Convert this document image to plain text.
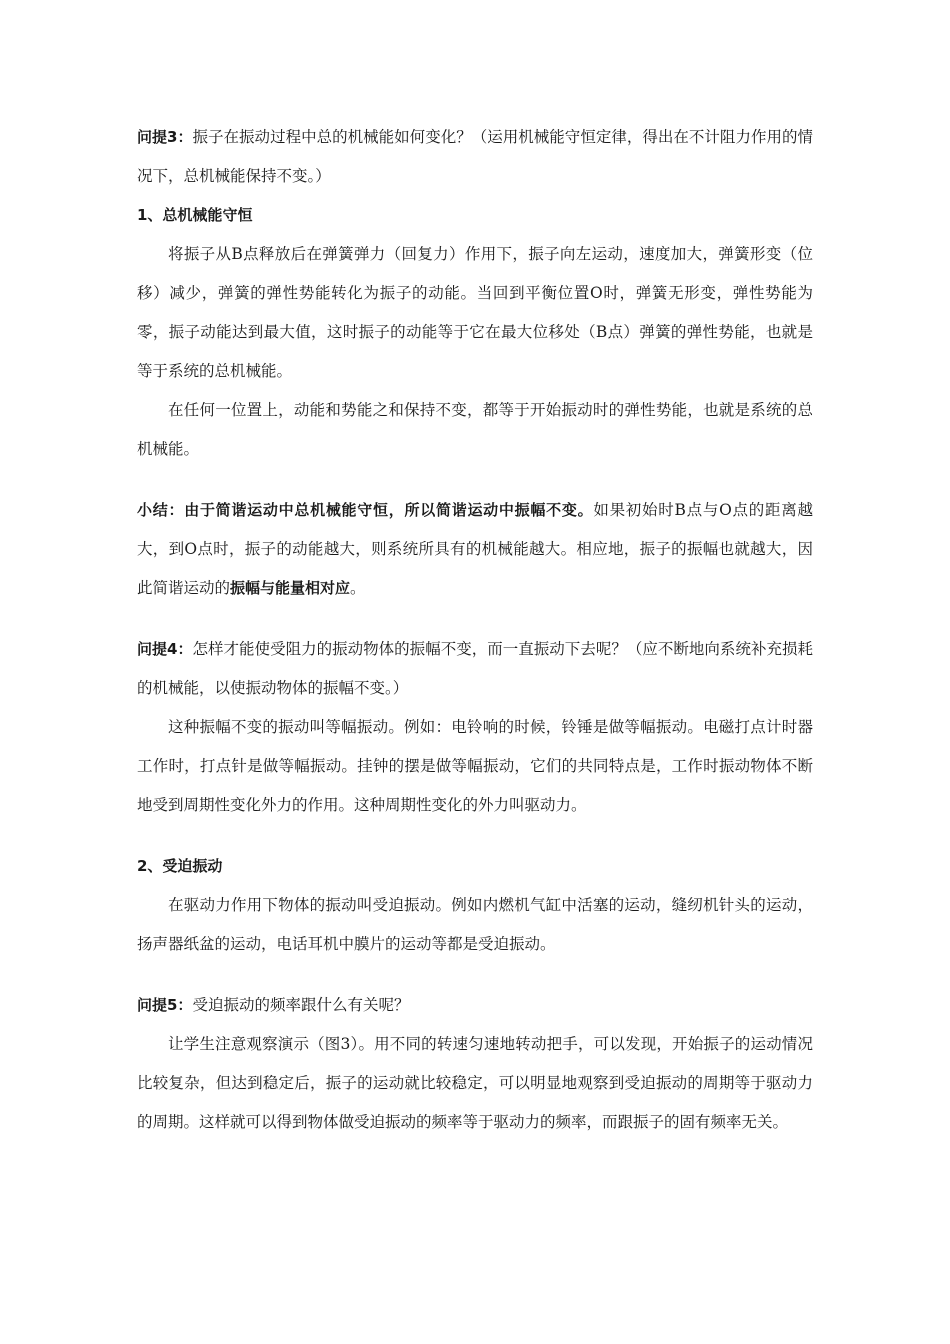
问提3：振子在振动过程中总的机械能如何变化？（运用机械能守恒定律，得出在不计阻力作用的情况下，总机械能保持不变。）

1、总机械能守恒

将振子从B点释放后在弹簧弹力（回复力）作用下，振子向左运动，速度加大，弹簧形变（位移）减少，弹簧的弹性势能转化为振子的动能。当回到平衡位置O时，弹簧无形变，弹性势能为零，振子动能达到最大值，这时振子的动能等于它在最大位移处（B点）弹簧的弹性势能，也就是等于系统的总机械能。

在任何一位置上，动能和势能之和保持不变，都等于开始振动时的弹性势能，也就是系统的总机械能。

小结：由于简谐运动中总机械能守恒，所以简谐运动中振幅不变。如果初始时B点与O点的距离越大，到O点时，振子的动能越大，则系统所具有的机械能越大。相应地，振子的振幅也就越大，因此简谐运动的振幅与能量相对应。

问提4：怎样才能使受阻力的振动物体的振幅不变，而一直振动下去呢？（应不断地向系统补充损耗的机械能，以使振动物体的振幅不变。）

这种振幅不变的振动叫等幅振动。例如：电铃响的时候，铃锤是做等幅振动。电磁打点计时器工作时，打点针是做等幅振动。挂钟的摆是做等幅振动，它们的共同特点是，工作时振动物体不断地受到周期性变化外力的作用。这种周期性变化的外力叫驱动力。

2、受迫振动

在驱动力作用下物体的振动叫受迫振动。例如内燃机气缸中活塞的运动，缝纫机针头的运动，扬声器纸盆的运动，电话耳机中膜片的运动等都是受迫振动。

问提5：受迫振动的频率跟什么有关呢？

让学生注意观察演示（图3）。用不同的转速匀速地转动把手，可以发现，开始振子的运动情况比较复杂，但达到稳定后，振子的运动就比较稳定，可以明显地观察到受迫振动的周期等于驱动力的周期。这样就可以得到物体做受迫振动的频率等于驱动力的频率，而跟振子的固有频率无关。
